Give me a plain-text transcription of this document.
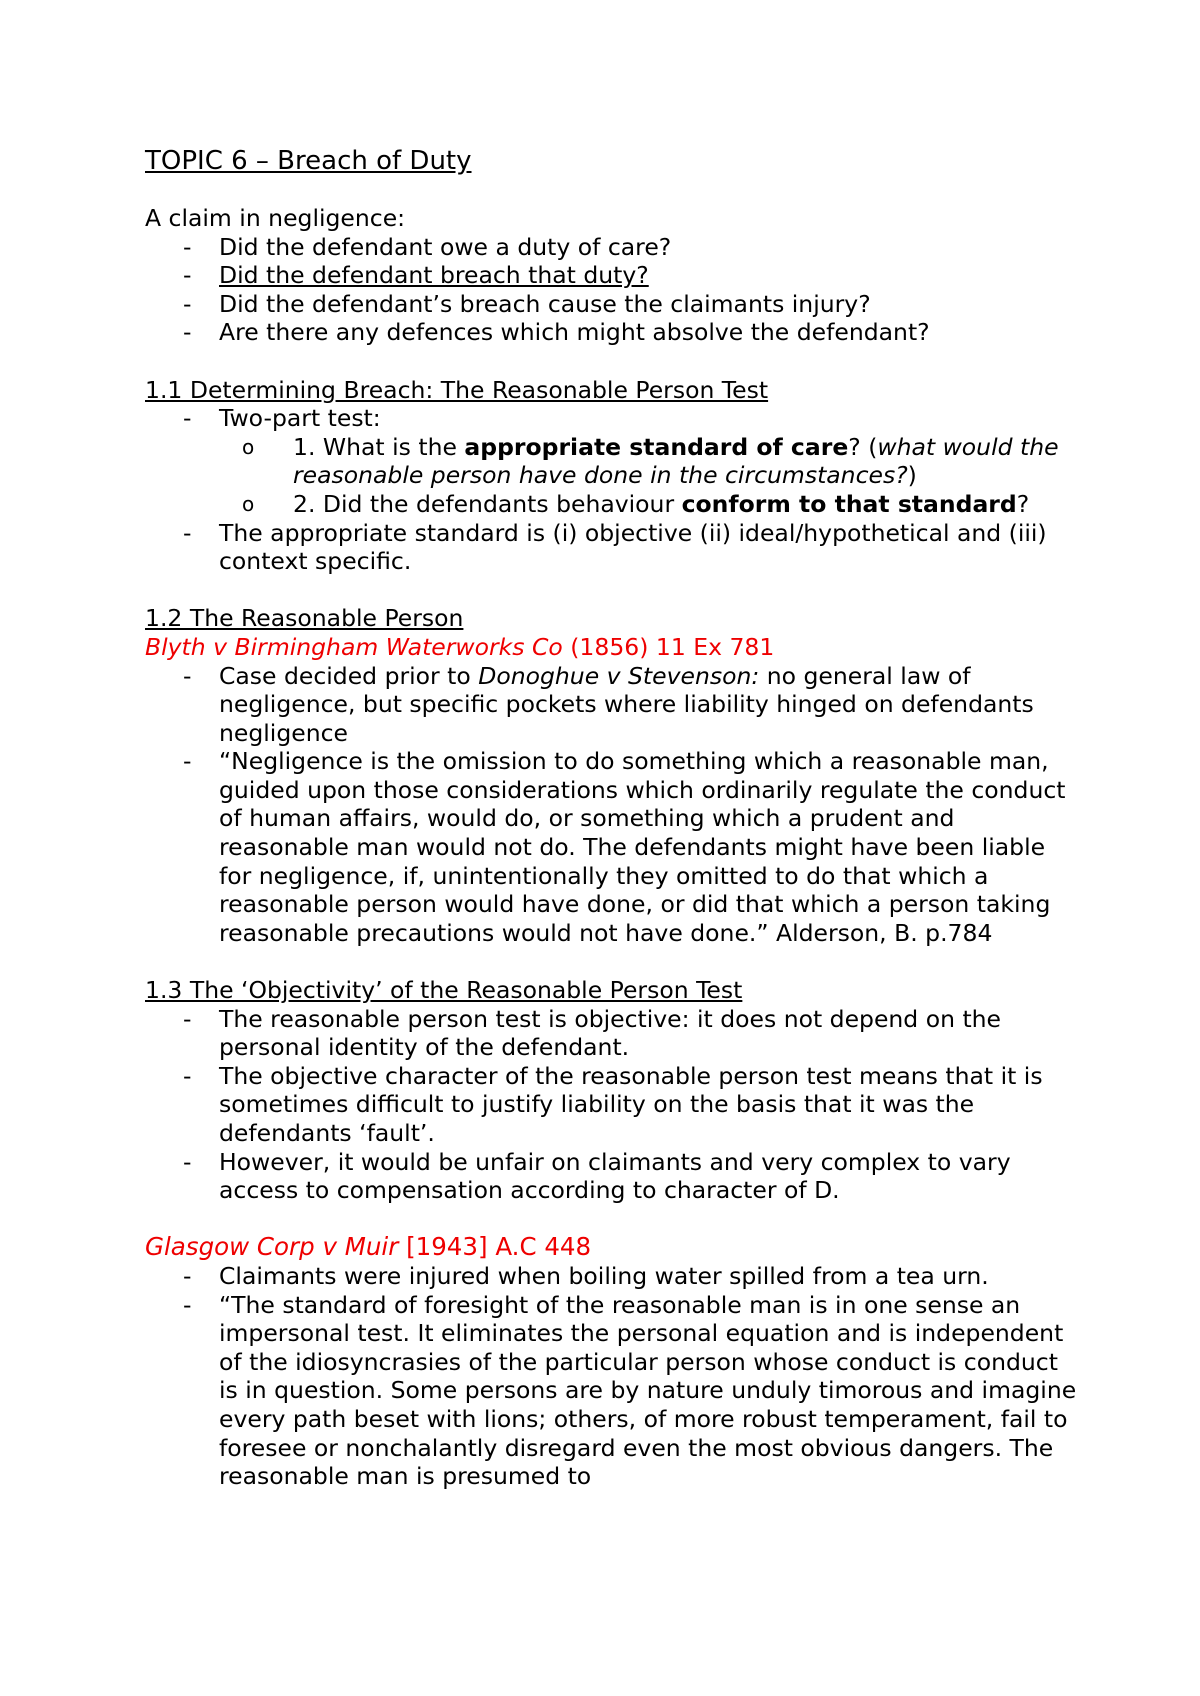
TOPIC 6 – Breach of Duty

A claim in negligence:

- Did the defendant owe a duty of care?
- Did the defendant breach that duty?
- Did the defendant’s breach cause the claimants injury?
- Are there any defences which might absolve the defendant?

1.1 Determining Breach: The Reasonable Person Test

- Two-part test:
o 1. What is the appropriate standard of care? (what would the reasonable person have done in the circumstances?)
o 2. Did the defendants behaviour conform to that standard?
- The appropriate standard is (i) objective (ii) ideal/hypothetical and (iii) context specific.

1.2 The Reasonable Person

Blyth v Birmingham Waterworks Co (1856) 11 Ex 781

- Case decided prior to Donoghue v Stevenson: no general law of negligence, but specific pockets where liability hinged on defendants negligence
- “Negligence is the omission to do something which a reasonable man, guided upon those considerations which ordinarily regulate the conduct of human affairs, would do, or something which a prudent and reasonable man would not do. The defendants might have been liable for negligence, if, unintentionally they omitted to do that which a reasonable person would have done, or did that which a person taking reasonable precautions would not have done.” Alderson, B. p.784

1.3 The ‘Objectivity’ of the Reasonable Person Test

- The reasonable person test is objective: it does not depend on the personal identity of the defendant.
- The objective character of the reasonable person test means that it is sometimes difficult to justify liability on the basis that it was the defendants ‘fault’.
- However, it would be unfair on claimants and very complex to vary access to compensation according to character of D.

Glasgow Corp v Muir [1943] A.C 448

- Claimants were injured when boiling water spilled from a tea urn.
- “The standard of foresight of the reasonable man is in one sense an impersonal test. It eliminates the personal equation and is independent of the idiosyncrasies of the particular person whose conduct is conduct is in question. Some persons are by nature unduly timorous and imagine every path beset with lions; others, of more robust temperament, fail to foresee or nonchalantly disregard even the most obvious dangers. The reasonable man is presumed to
